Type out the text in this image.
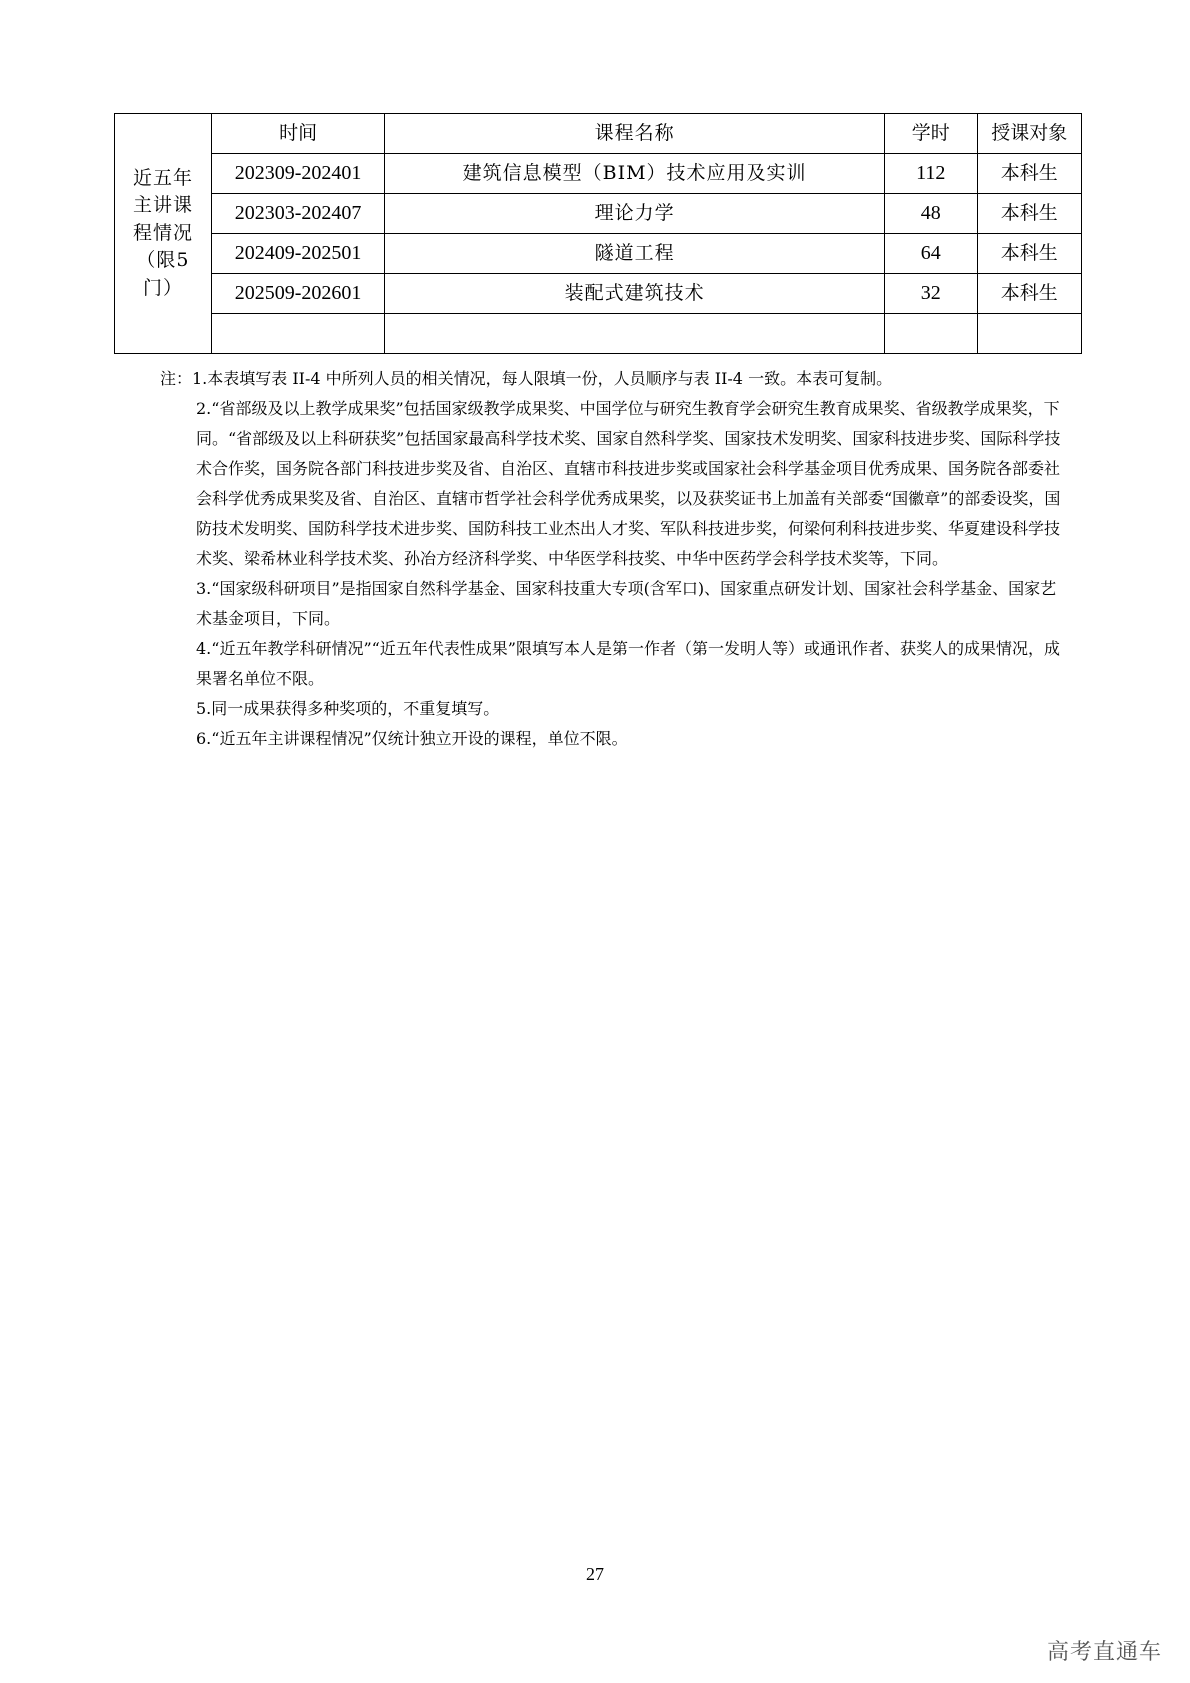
近五年主讲课程情况（限5门）	时间	课程名称	学时	授课对象
	202309-202401	建筑信息模型（BIM）技术应用及实训	112	本科生
	202303-202407	理论力学	48	本科生
	202409-202501	隧道工程	64	本科生
	202509-202601	装配式建筑技术	32	本科生

注：1.本表填写表 II-4 中所列人员的相关情况，每人限填一份，人员顺序与表 II-4 一致。本表可复制。

2.“省部级及以上教学成果奖”包括国家级教学成果奖、中国学位与研究生教育学会研究生教育成果奖、省级教学成果奖，下同。“省部级及以上科研获奖”包括国家最高科学技术奖、国家自然科学奖、国家技术发明奖、国家科技进步奖、国际科学技术合作奖，国务院各部门科技进步奖及省、自治区、直辖市科技进步奖或国家社会科学基金项目优秀成果、国务院各部委社会科学优秀成果奖及省、自治区、直辖市哲学社会科学优秀成果奖，以及获奖证书上加盖有关部委“国徽章”的部委设奖，国防技术发明奖、国防科学技术进步奖、国防科技工业杰出人才奖、军队科技进步奖，何梁何利科技进步奖、华夏建设科学技术奖、梁希林业科学技术奖、孙冶方经济科学奖、中华医学科技奖、中华中医药学会科学技术奖等，下同。

3.“国家级科研项目”是指国家自然科学基金、国家科技重大专项(含军口)、国家重点研发计划、国家社会科学基金、国家艺术基金项目，下同。

4.“近五年教学科研情况”“近五年代表性成果”限填写本人是第一作者（第一发明人等）或通讯作者、获奖人的成果情况，成果署名单位不限。

5.同一成果获得多种奖项的，不重复填写。

6.“近五年主讲课程情况”仅统计独立开设的课程，单位不限。

27
高考直通车
